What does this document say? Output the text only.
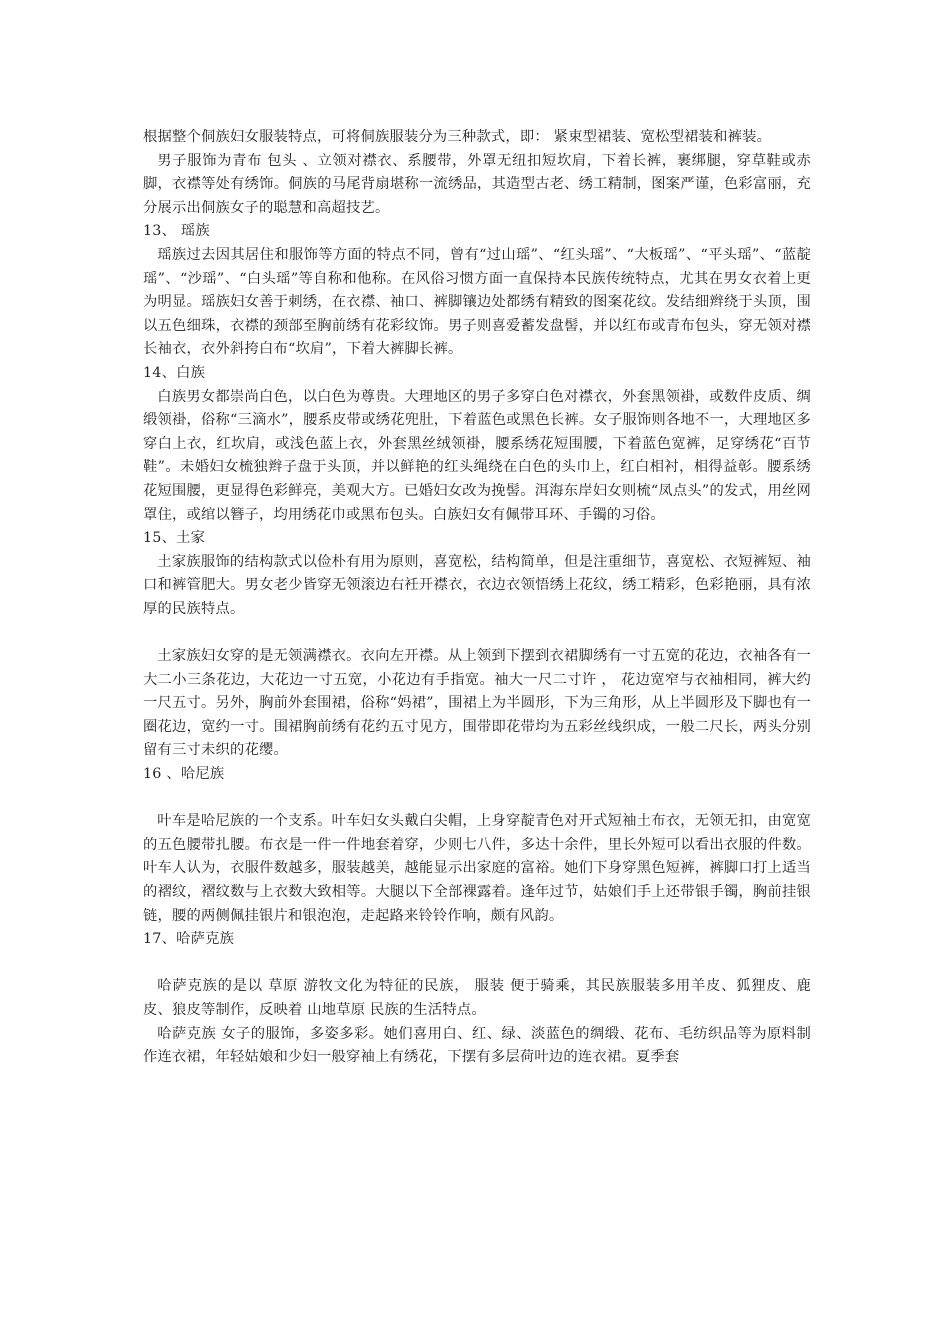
根据整个侗族妇女服装特点，可将侗族服装分为三种款式，即： 紧束型裙装、宽松型裙装和裤装。

男子服饰为青布 包头 、立领对襟衣、系腰带，外罩无纽扣短坎肩，下着长裤，裹绑腿，穿草鞋或赤脚，衣襟等处有绣饰。侗族的马尾背扇堪称一流绣品，其造型古老、绣工精制，图案严谨，色彩富丽，充分展示出侗族女子的聪慧和高超技艺。

13、 瑶族

瑶族过去因其居住和服饰等方面的特点不同，曾有“过山瑶”、“红头瑶”、“大板瑶”、“平头瑶”、“蓝靛瑶”、“沙瑶”、“白头瑶”等自称和他称。在风俗习惯方面一直保持本民族传统特点，尤其在男女衣着上更为明显。瑶族妇女善于刺绣，在衣襟、袖口、裤脚镶边处都绣有精致的图案花纹。发结细辫绕于头顶，围以五色细珠，衣襟的颈部至胸前绣有花彩纹饰。男子则喜爱蓄发盘髻，并以红布或青布包头，穿无领对襟长袖衣，衣外斜挎白布“坎肩”，下着大裤脚长裤。

14、白族

白族男女都崇尚白色，以白色为尊贵。大理地区的男子多穿白色对襟衣，外套黑领褂，或数件皮质、绸缎领褂，俗称“三滴水”，腰系皮带或绣花兜肚，下着蓝色或黑色长裤。女子服饰则各地不一，大理地区多穿白上衣，红坎肩，或浅色蓝上衣，外套黑丝绒领褂，腰系绣花短围腰，下着蓝色宽裤，足穿绣花“百节鞋”。未婚妇女梳独辫子盘于头顶，并以鲜艳的红头绳绕在白色的头巾上，红白相衬，相得益彰。腰系绣花短围腰，更显得色彩鲜亮，美观大方。已婚妇女改为挽髻。洱海东岸妇女则梳“凤点头”的发式，用丝网罩住，或绾以簪子，均用绣花巾或黑布包头。白族妇女有佩带耳环、手镯的习俗。

15、土家

土家族服饰的结构款式以俭朴有用为原则，喜宽松，结构简单，但是注重细节，喜宽松、衣短裤短、袖口和裤管肥大。男女老少皆穿无领滚边右衽开襟衣，衣边衣领悟绣上花纹，绣工精彩，色彩艳丽，具有浓厚的民族特点。

土家族妇女穿的是无领满襟衣。衣向左开襟。从上领到下摆到衣裙脚绣有一寸五宽的花边，衣袖各有一大二小三条花边，大花边一寸五宽，小花边有手指宽。袖大一尺二寸许 ， 花边宽窄与衣袖相同，裤大约一尺五寸。另外，胸前外套围裙，俗称“妈裙”，围裙上为半圆形，下为三角形，从上半圆形及下脚也有一圈花边，宽约一寸。围裙胸前绣有花约五寸见方，围带即花带均为五彩丝线织成，一般二尺长，两头分别留有三寸未织的花缨。

16 、哈尼族

叶车是哈尼族的一个支系。叶车妇女头戴白尖帽，上身穿靛青色对开式短袖土布衣，无领无扣，由宽宽的五色腰带扎腰。布衣是一件一件地套着穿，少则七八件，多达十余件，里长外短可以看出衣服的件数。叶车人认为，衣服件数越多，服装越美，越能显示出家庭的富裕。她们下身穿黑色短裤，裤脚口打上适当的褶纹，褶纹数与上衣数大致相等。大腿以下全部裸露着。逢年过节，姑娘们手上还带银手镯，胸前挂银链，腰的两侧佩挂银片和银泡泡，走起路来铃铃作响，颇有风韵。

17、哈萨克族

哈萨克族的是以 草原 游牧文化为特征的民族， 服装 便于骑乘，其民族服装多用羊皮、狐狸皮、鹿皮、狼皮等制作，反映着 山地草原 民族的生活特点。

哈萨克族 女子的服饰，多姿多彩。她们喜用白、红、绿、淡蓝色的绸缎、花布、毛纺织品等为原料制作连衣裙，年轻姑娘和少妇一般穿袖上有绣花，下摆有多层荷叶边的连衣裙。夏季套
